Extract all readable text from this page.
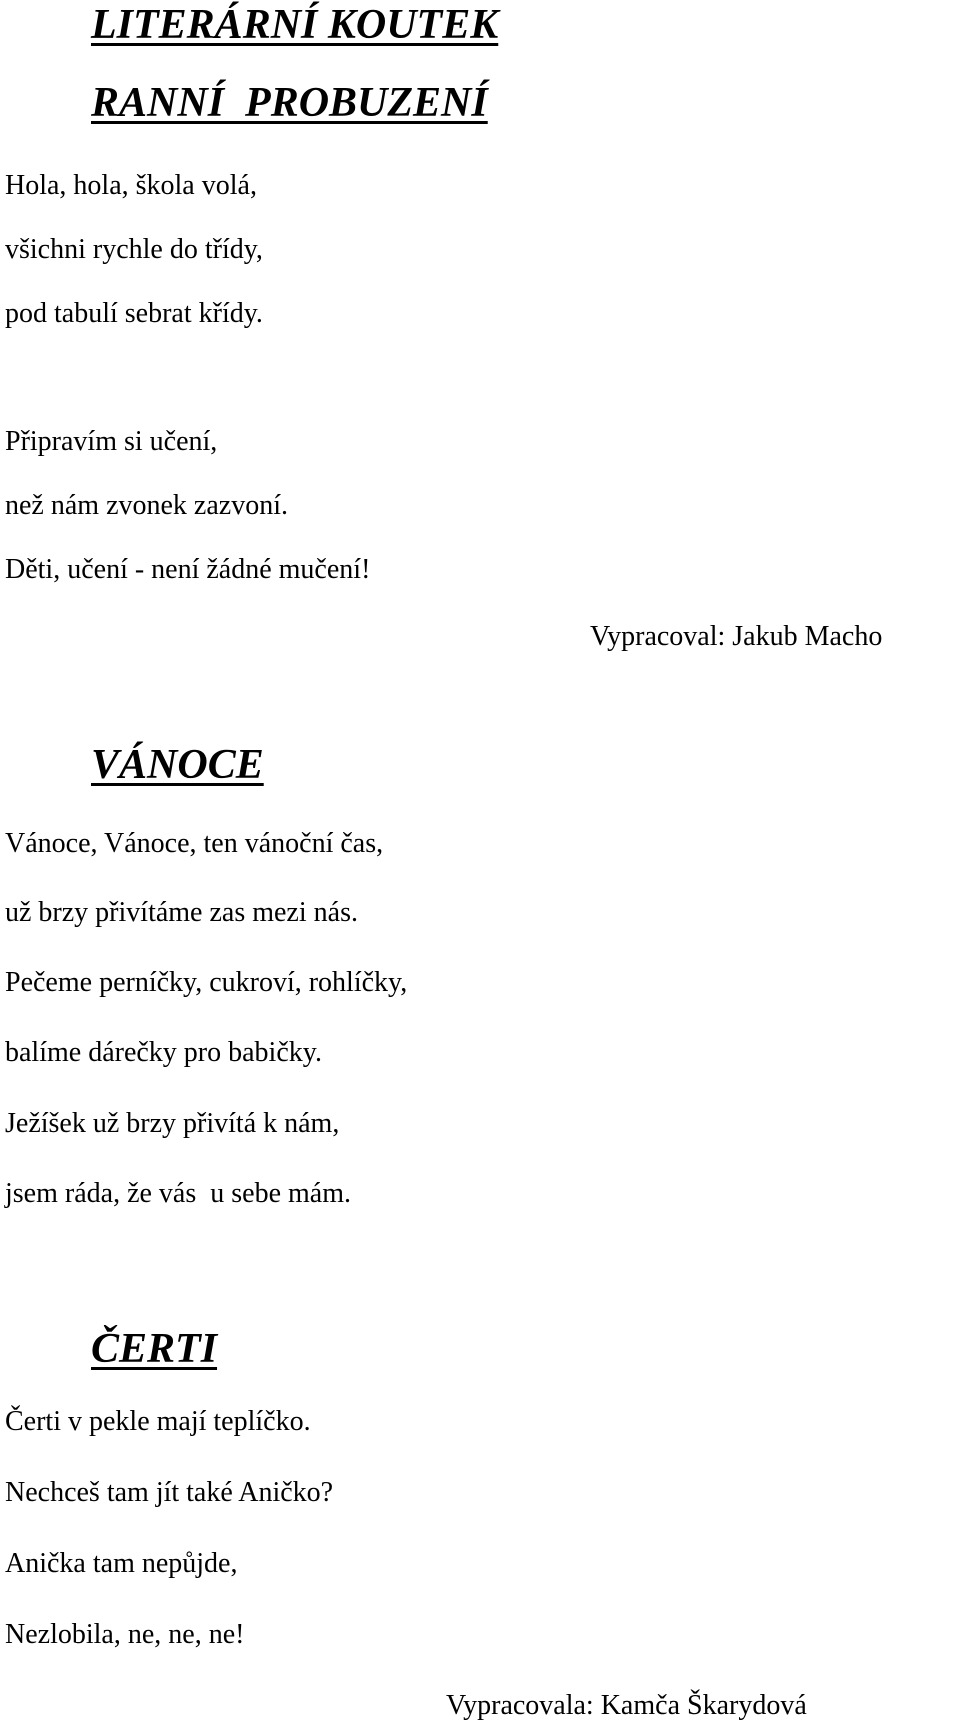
LITERÁRNÍ KOUTEK
RANNÍ  PROBUZENÍ

Hola, hola, škola volá,

všichni rychle do třídy,

pod tabulí sebrat křídy.

Připravím si učení,

než nám zvonek zazvoní.

Děti, učení - není žádné mučení!

Vypracoval: Jakub Macho

VÁNOCE

Vánoce, Vánoce, ten vánoční čas,

už brzy přivítáme zas mezi nás.

Pečeme perníčky, cukroví, rohlíčky,

balíme dárečky pro babičky.

Ježíšek už brzy přivítá k nám,

jsem ráda, že vás  u sebe mám.

ČERTI

Čerti v pekle mají teplíčko.

Nechceš tam jít také Aničko?

Anička tam nepůjde,

Nezlobila, ne, ne, ne!

Vypracovala: Kamča Škarydová
